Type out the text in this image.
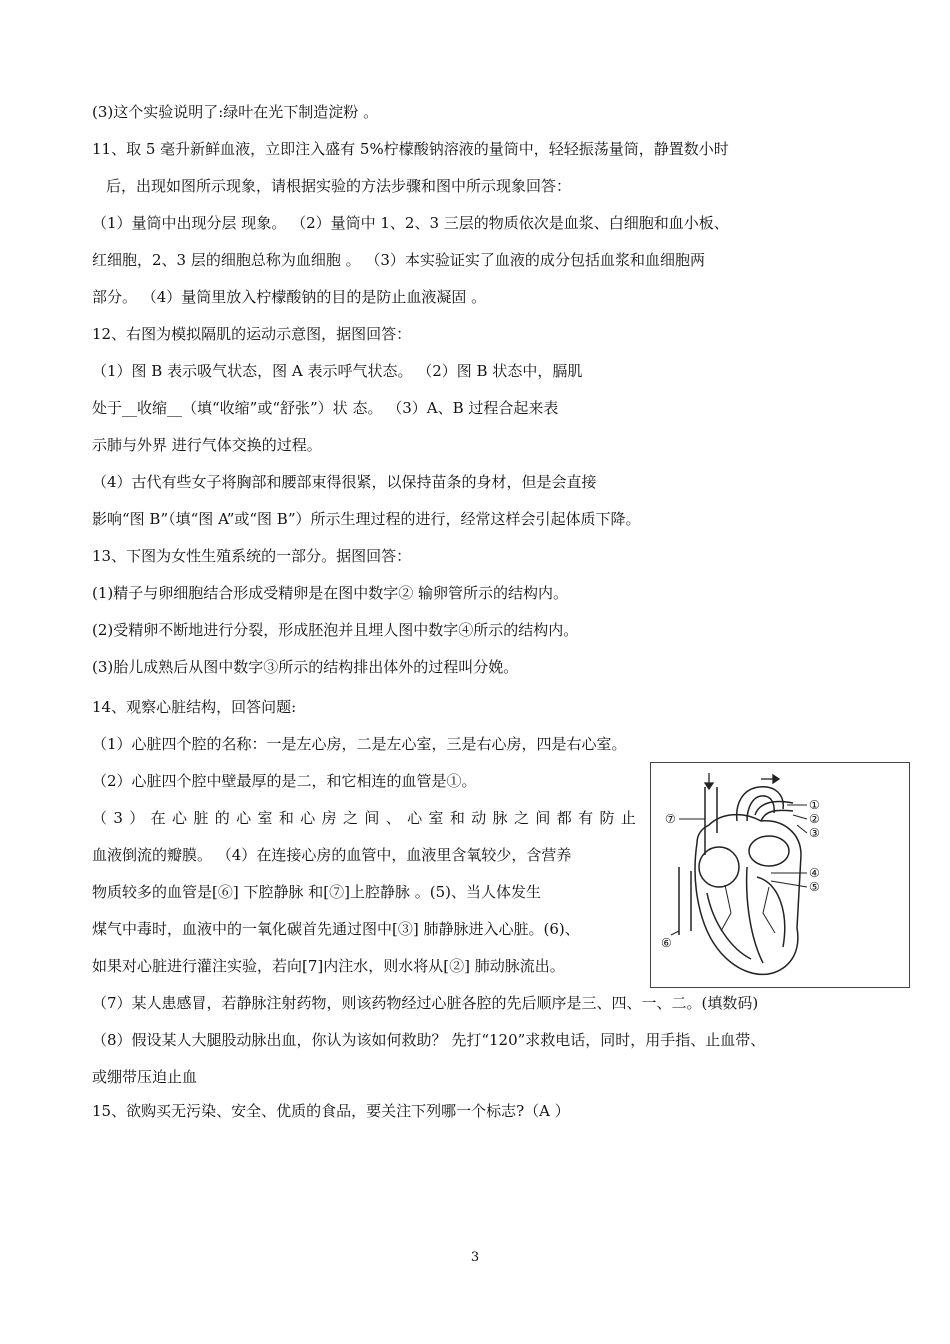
(3)这个实验说明了:绿叶在光下制造淀粉 。
11、取 5 毫升新鲜血液，立即注入盛有 5%柠檬酸钠溶液的量筒中，轻轻振荡量筒，静置数小时
后，出现如图所示现象，请根据实验的方法步骤和图中所示现象回答：
（1）量筒中出现分层 现象。 （2）量筒中 1、2、3 三层的物质依次是血浆、白细胞和血小板、
红细胞，2、3 层的细胞总称为血细胞 。 （3）本实验证实了血液的成分包括血浆和血细胞两
部分。 （4）量筒里放入柠檬酸钠的目的是防止血液凝固 。
12、右图为模拟隔肌的运动示意图，据图回答：
（1）图 B 表示吸气状态，图 A 表示呼气状态。 （2）图 B 状态中，膈肌
处于__收缩__（填“收缩”或“舒张”）状 态。 （3）A、B 过程合起来表
示肺与外界 进行气体交换的过程。
（4）古代有些女子将胸部和腰部束得很紧，以保持苗条的身材，但是会直接
影响“图 B”（填“图 A”或“图 B”）所示生理过程的进行，经常这样会引起体质下降。
13、下图为女性生殖系统的一部分。据图回答：
(1)精子与卵细胞结合形成受精卵是在图中数字② 输卵管所示的结构内。
(2)受精卵不断地进行分裂，形成胚泡并且埋人图中数字④所示的结构内。
(3)胎儿成熟后从图中数字③所示的结构排出体外的过程叫分娩。
14、观察心脏结构，回答问题:
（1）心脏四个腔的名称：一是左心房，二是左心室，三是右心房，四是右心室。
（2）心脏四个腔中壁最厚的是二，和它相连的血管是①。
（ 3 ） 在 心 脏 的 心 室 和 心 房 之 间 、 心 室 和 动 脉 之 间 都 有 防 止
血液倒流的瓣膜。 （4）在连接心房的血管中，血液里含氧较少，含营养
物质较多的血管是[⑥] 下腔静脉 和[⑦]上腔静脉 。(5)、当人体发生
煤气中毒时，血液中的一氧化碳首先通过图中[③] 肺静脉进入心脏。(6)、
如果对心脏进行灌注实验，若向[7]内注水，则水将从[②] 肺动脉流出。
（7）某人患感冒，若静脉注射药物，则该药物经过心脏各腔的先后顺序是三、四、一、二。(填数码)
（8）假设某人大腿股动脉出血，你认为该如何救助？ 先打“120”求救电话，同时，用手指、止血带、
或绷带压迫止血
15、欲购买无污染、安全、优质的食品，要关注下列哪一个标志?（A ）
①
②
③
④
⑤
⑥
⑦
3
